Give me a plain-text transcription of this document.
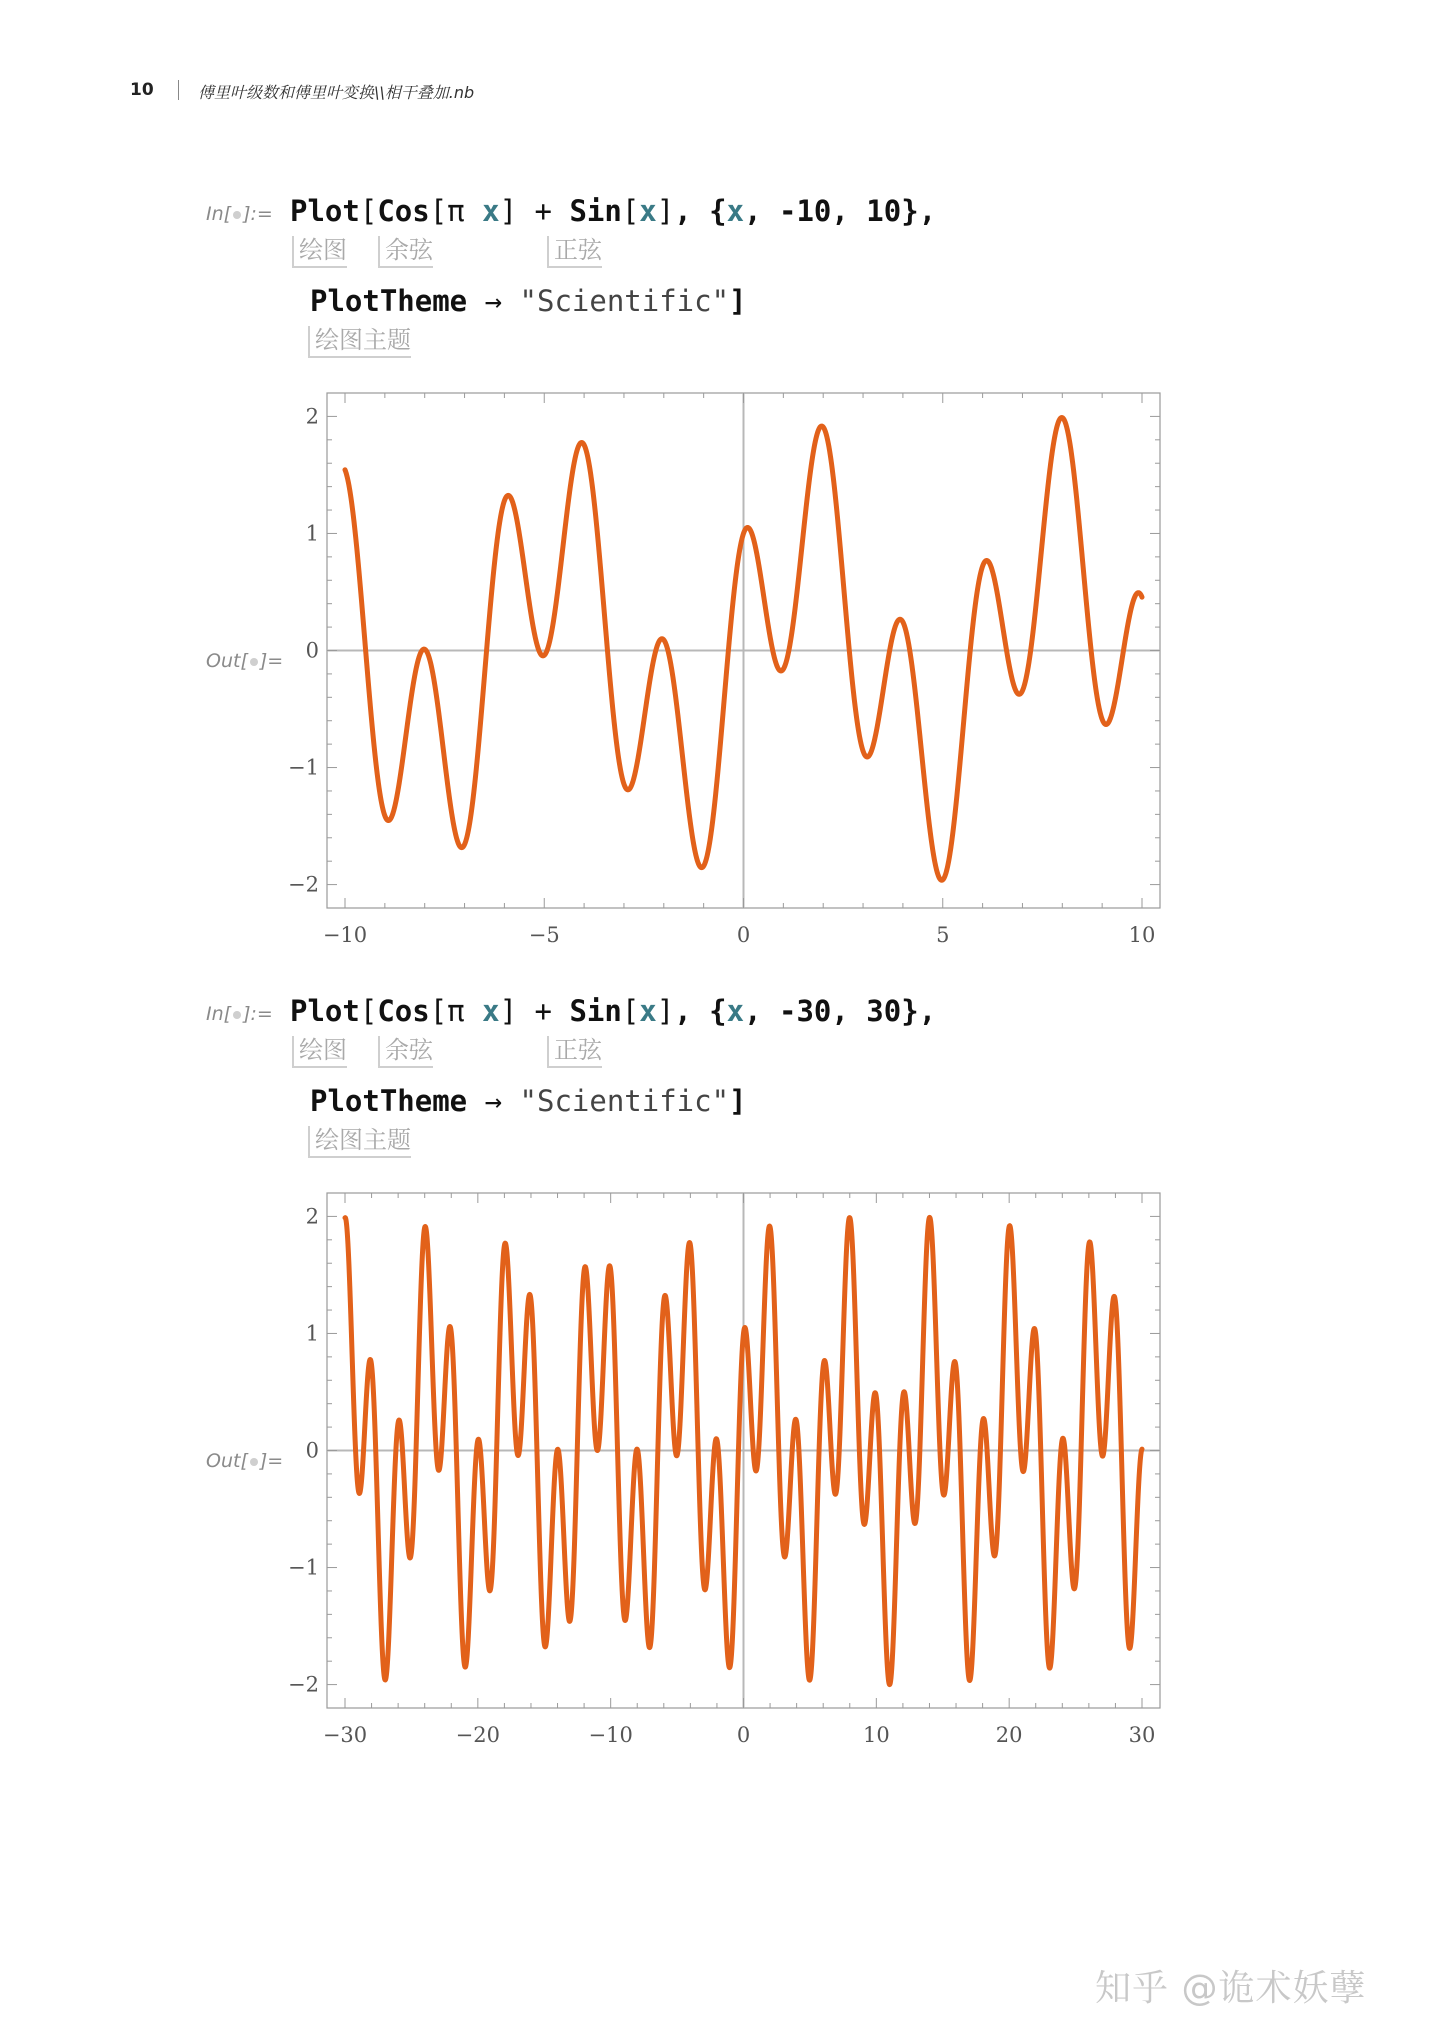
10	傅里叶级数和傅里叶变换\\相干叠加.nb
In[ ]:= Plot[Cos[π x] + Sin[x], {x, -10, 10},
绘图 余弦	正弦
PlotTheme → "Scientific"]
绘图主题
Out[ ]=
In[ ]:= Plot[Cos[π x] + Sin[x], {x, -30, 30},
绘图 余弦	正弦
PlotTheme → "Scientific"]
绘图主题
Out[ ]=
−10	−5	0	5	10
−2
−1
0
1
2
−30	−20	−10	0	10	20	30
−2
−1
0
1
2
知乎 @诡术妖孽
